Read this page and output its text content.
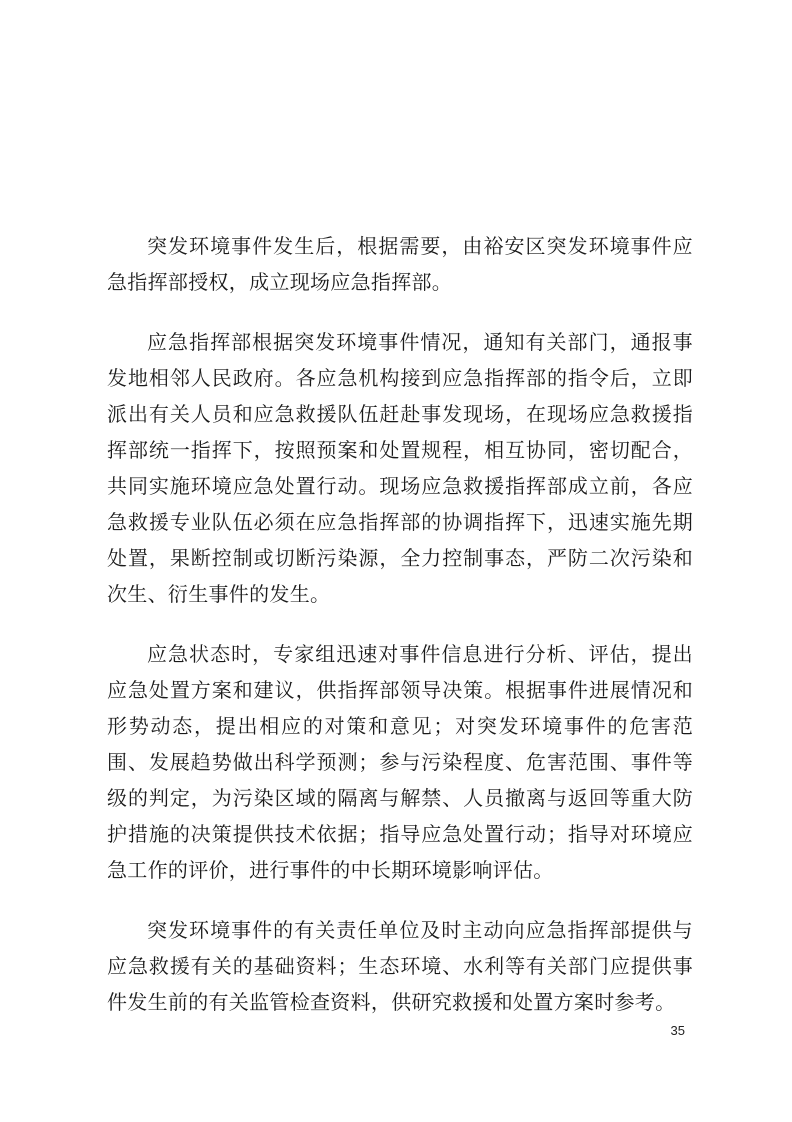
突发环境事件发生后，根据需要，由裕安区突发环境事件应急指挥部授权，成立现场应急指挥部。

应急指挥部根据突发环境事件情况，通知有关部门，通报事发地相邻人民政府。各应急机构接到应急指挥部的指令后，立即派出有关人员和应急救援队伍赶赴事发现场，在现场应急救援指挥部统一指挥下，按照预案和处置规程，相互协同，密切配合，共同实施环境应急处置行动。现场应急救援指挥部成立前，各应急救援专业队伍必须在应急指挥部的协调指挥下，迅速实施先期处置，果断控制或切断污染源，全力控制事态，严防二次污染和次生、衍生事件的发生。

应急状态时，专家组迅速对事件信息进行分析、评估，提出应急处置方案和建议，供指挥部领导决策。根据事件进展情况和形势动态，提出相应的对策和意见；对突发环境事件的危害范围、发展趋势做出科学预测；参与污染程度、危害范围、事件等级的判定，为污染区域的隔离与解禁、人员撤离与返回等重大防护措施的决策提供技术依据；指导应急处置行动；指导对环境应急工作的评价，进行事件的中长期环境影响评估。

突发环境事件的有关责任单位及时主动向应急指挥部提供与应急救援有关的基础资料；生态环境、水利等有关部门应提供事件发生前的有关监管检查资料，供研究救援和处置方案时参考。

35
